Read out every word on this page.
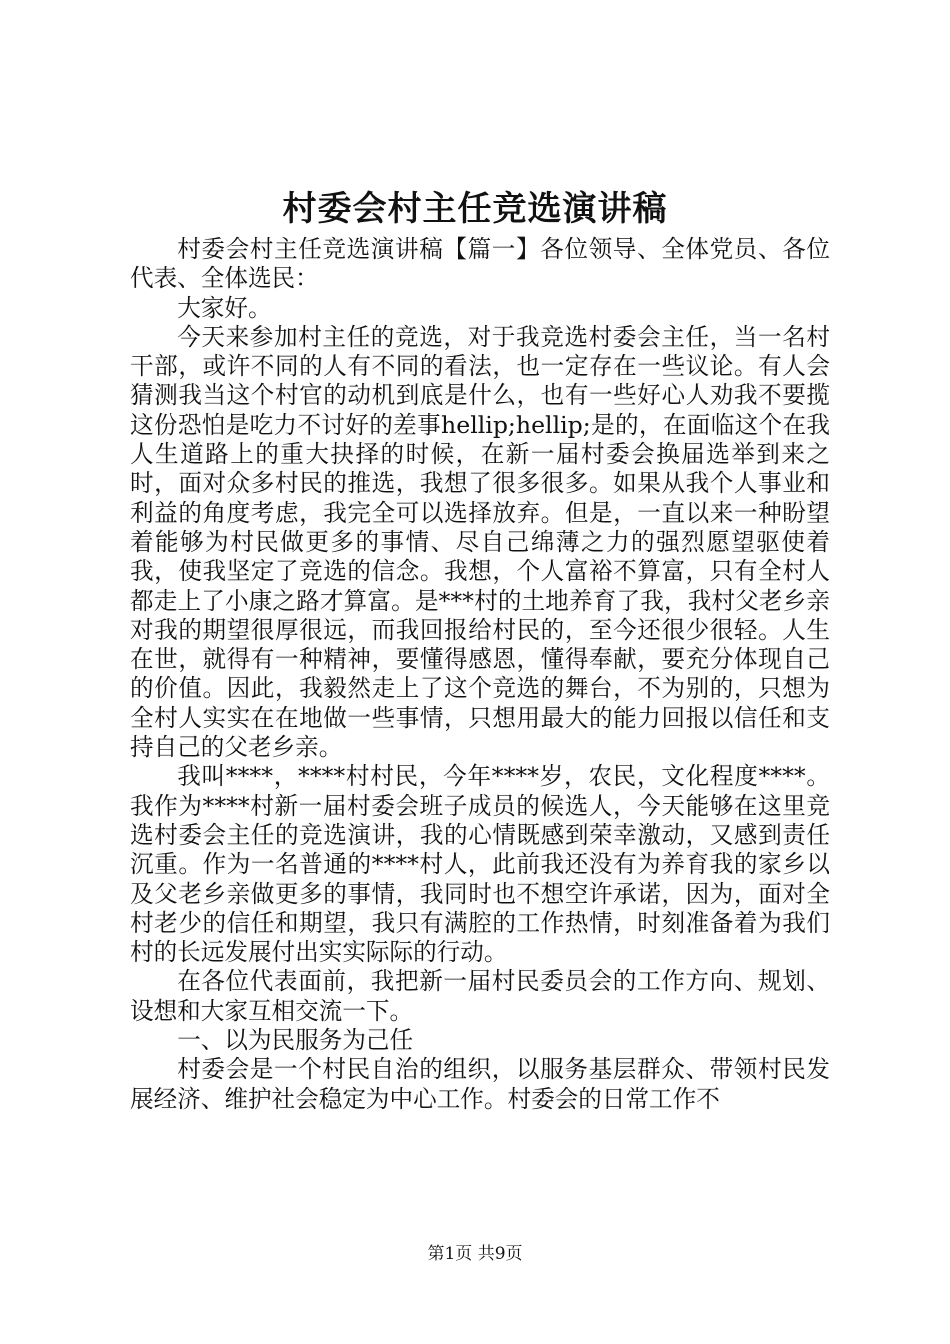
村委会村主任竞选演讲稿

村委会村主任竞选演讲稿【篇一】各位领导、全体党员、各位代表、全体选民：

大家好。

今天来参加村主任的竞选，对于我竞选村委会主任，当一名村干部，或许不同的人有不同的看法，也一定存在一些议论。有人会猜测我当这个村官的动机到底是什么，也有一些好心人劝我不要揽这份恐怕是吃力不讨好的差事hellip;hellip;是的，在面临这个在我人生道路上的重大抉择的时候，在新一届村委会换届选举到来之时，面对众多村民的推选，我想了很多很多。如果从我个人事业和利益的角度考虑，我完全可以选择放弃。但是，一直以来一种盼望着能够为村民做更多的事情、尽自己绵薄之力的强烈愿望驱使着我，使我坚定了竞选的信念。我想，个人富裕不算富，只有全村人都走上了小康之路才算富。是***村的土地养育了我，我村父老乡亲对我的期望很厚很远，而我回报给村民的，至今还很少很轻。人生在世，就得有一种精神，要懂得感恩，懂得奉献，要充分体现自己的价值。因此，我毅然走上了这个竞选的舞台，不为别的，只想为全村人实实在在地做一些事情，只想用最大的能力回报以信任和支持自己的父老乡亲。

我叫****，****村村民，今年****岁，农民，文化程度****。我作为****村新一届村委会班子成员的候选人，今天能够在这里竞选村委会主任的竞选演讲，我的心情既感到荣幸激动，又感到责任沉重。作为一名普通的****村人，此前我还没有为养育我的家乡以及父老乡亲做更多的事情，我同时也不想空许承诺，因为，面对全村老少的信任和期望，我只有满腔的工作热情，时刻准备着为我们村的长远发展付出实实际际的行动。

在各位代表面前，我把新一届村民委员会的工作方向、规划、设想和大家互相交流一下。

一、以为民服务为己任

村委会是一个村民自治的组织，以服务基层群众、带领村民发展经济、维护社会稳定为中心工作。村委会的日常工作不

第1页 共9页
